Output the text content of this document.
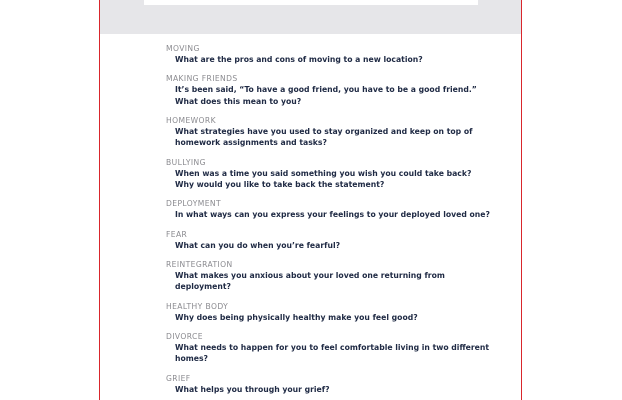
MOVING
What are the pros and cons of moving to a new location?
MAKING FRIENDS
It’s been said, “To have a good friend, you have to be a good friend.”
What does this mean to you?
HOMEWORK
What strategies have you used to stay organized and keep on top of
homework assignments and tasks?
BULLYING
When was a time you said something you wish you could take back?
Why would you like to take back the statement?
DEPLOYMENT
In what ways can you express your feelings to your deployed loved one?
FEAR
What can you do when you’re fearful?
REINTEGRATION
What makes you anxious about your loved one returning from
deployment?
HEALTHY BODY
Why does being physically healthy make you feel good?
DIVORCE
What needs to happen for you to feel comfortable living in two different
homes?
GRIEF
What helps you through your grief?
